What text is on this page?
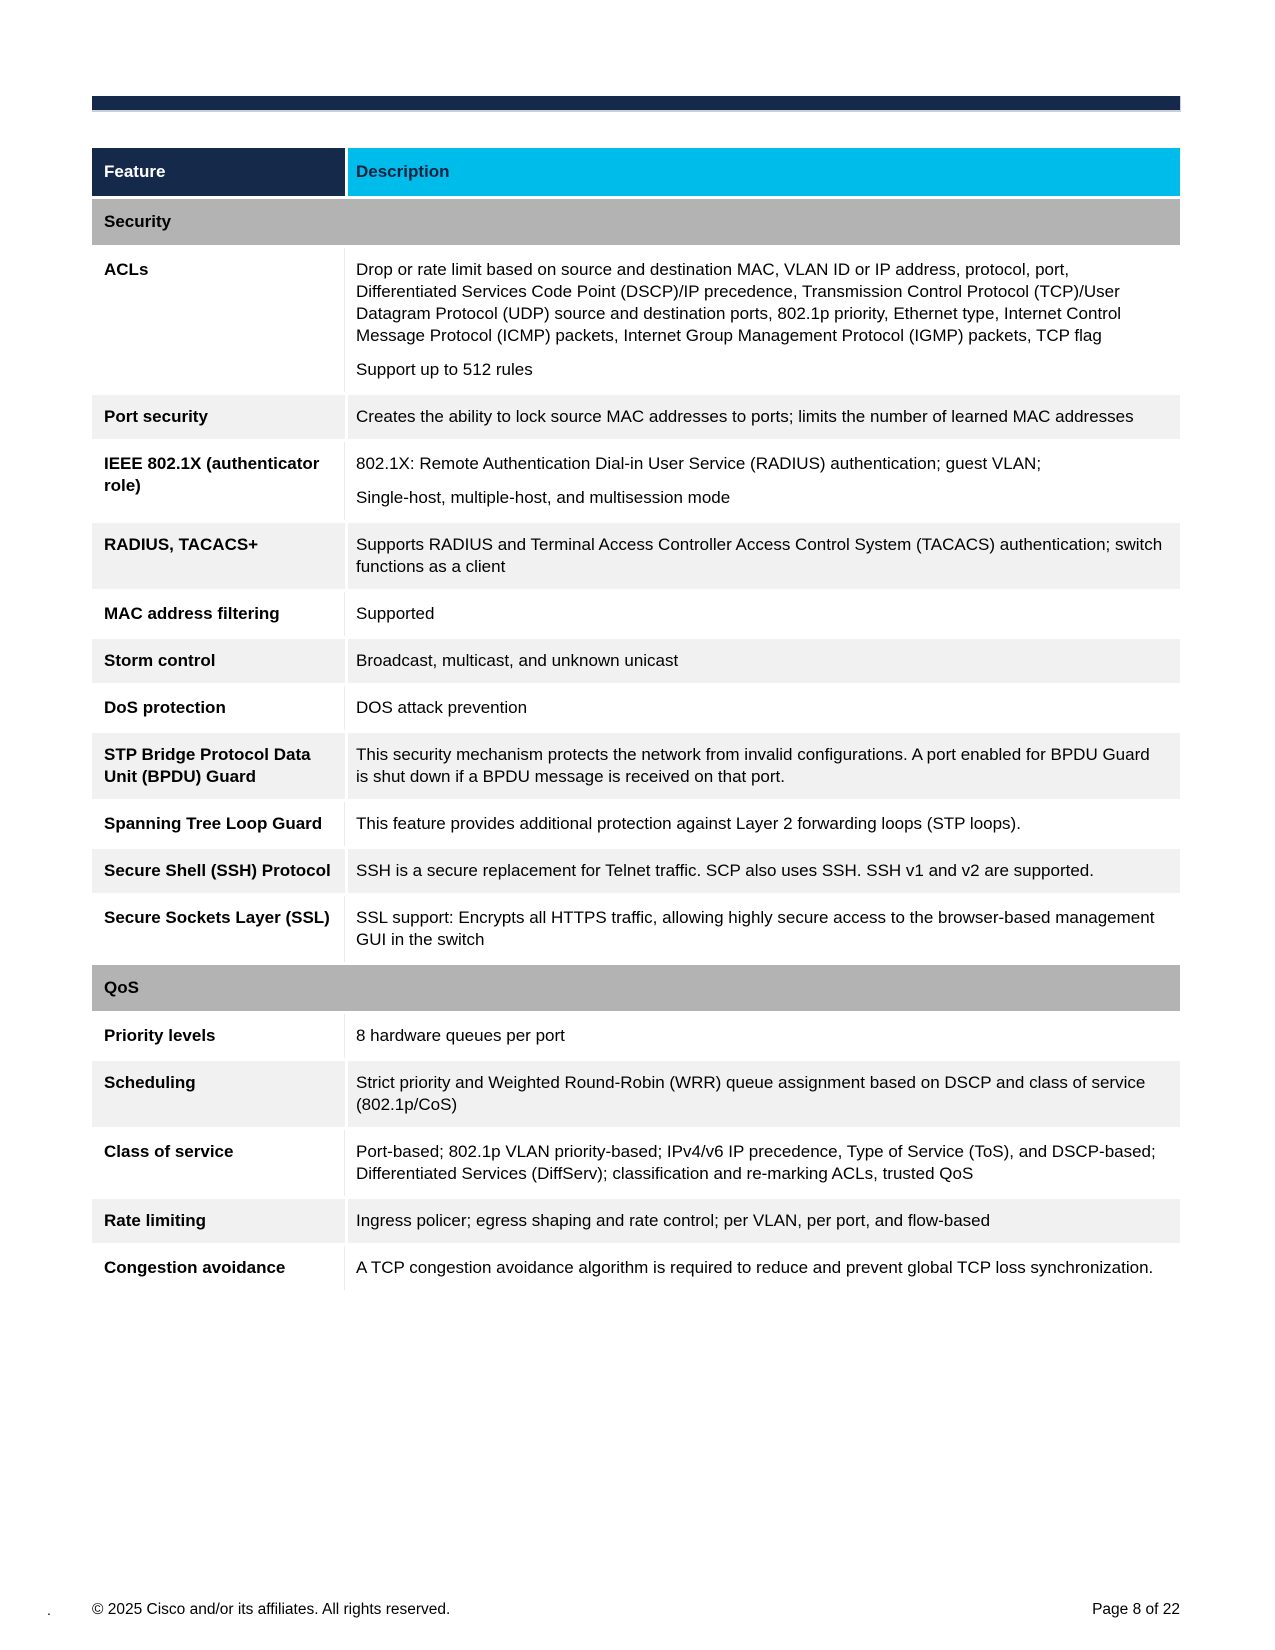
Feature	Description
Security	
ACLs	Drop or rate limit based on source and destination MAC, VLAN ID or IP address, protocol, port, Differentiated Services Code Point (DSCP)/IP precedence, Transmission Control Protocol (TCP)/User Datagram Protocol (UDP) source and destination ports, 802.1p priority, Ethernet type, Internet Control Message Protocol (ICMP) packets, Internet Group Management Protocol (IGMP) packets, TCP flag

Support up to 512 rules

Port security	Creates the ability to lock source MAC addresses to ports; limits the number of learned MAC addresses

IEEE 802.1X (authenticator role)	802.1X: Remote Authentication Dial-in User Service (RADIUS) authentication; guest VLAN;

Single-host, multiple-host, and multisession mode

RADIUS, TACACS+	Supports RADIUS and Terminal Access Controller Access Control System (TACACS) authentication; switch functions as a client

MAC address filtering	Supported

Storm control	Broadcast, multicast, and unknown unicast

DoS protection	DOS attack prevention

STP Bridge Protocol Data Unit (BPDU) Guard	This security mechanism protects the network from invalid configurations. A port enabled for BPDU Guard is shut down if a BPDU message is received on that port.

Spanning Tree Loop Guard	This feature provides additional protection against Layer 2 forwarding loops (STP loops).

Secure Shell (SSH) Protocol	SSH is a secure replacement for Telnet traffic. SCP also uses SSH. SSH v1 and v2 are supported.

Secure Sockets Layer (SSL)	SSL support: Encrypts all HTTPS traffic, allowing highly secure access to the browser-based management GUI in the switch

QoS	
Priority levels	8 hardware queues per port

Scheduling	Strict priority and Weighted Round-Robin (WRR) queue assignment based on DSCP and class of service (802.1p/CoS)

Class of service	Port-based; 802.1p VLAN priority-based; IPv4/v6 IP precedence, Type of Service (ToS), and DSCP-based; Differentiated Services (DiffServ); classification and re-marking ACLs, trusted QoS

Rate limiting	Ingress policer; egress shaping and rate control; per VLAN, per port, and flow-based

Congestion avoidance	A TCP congestion avoidance algorithm is required to reduce and prevent global TCP loss synchronization.

© 2025 Cisco and/or its affiliates. All rights reserved.	Page 8 of 22
.
